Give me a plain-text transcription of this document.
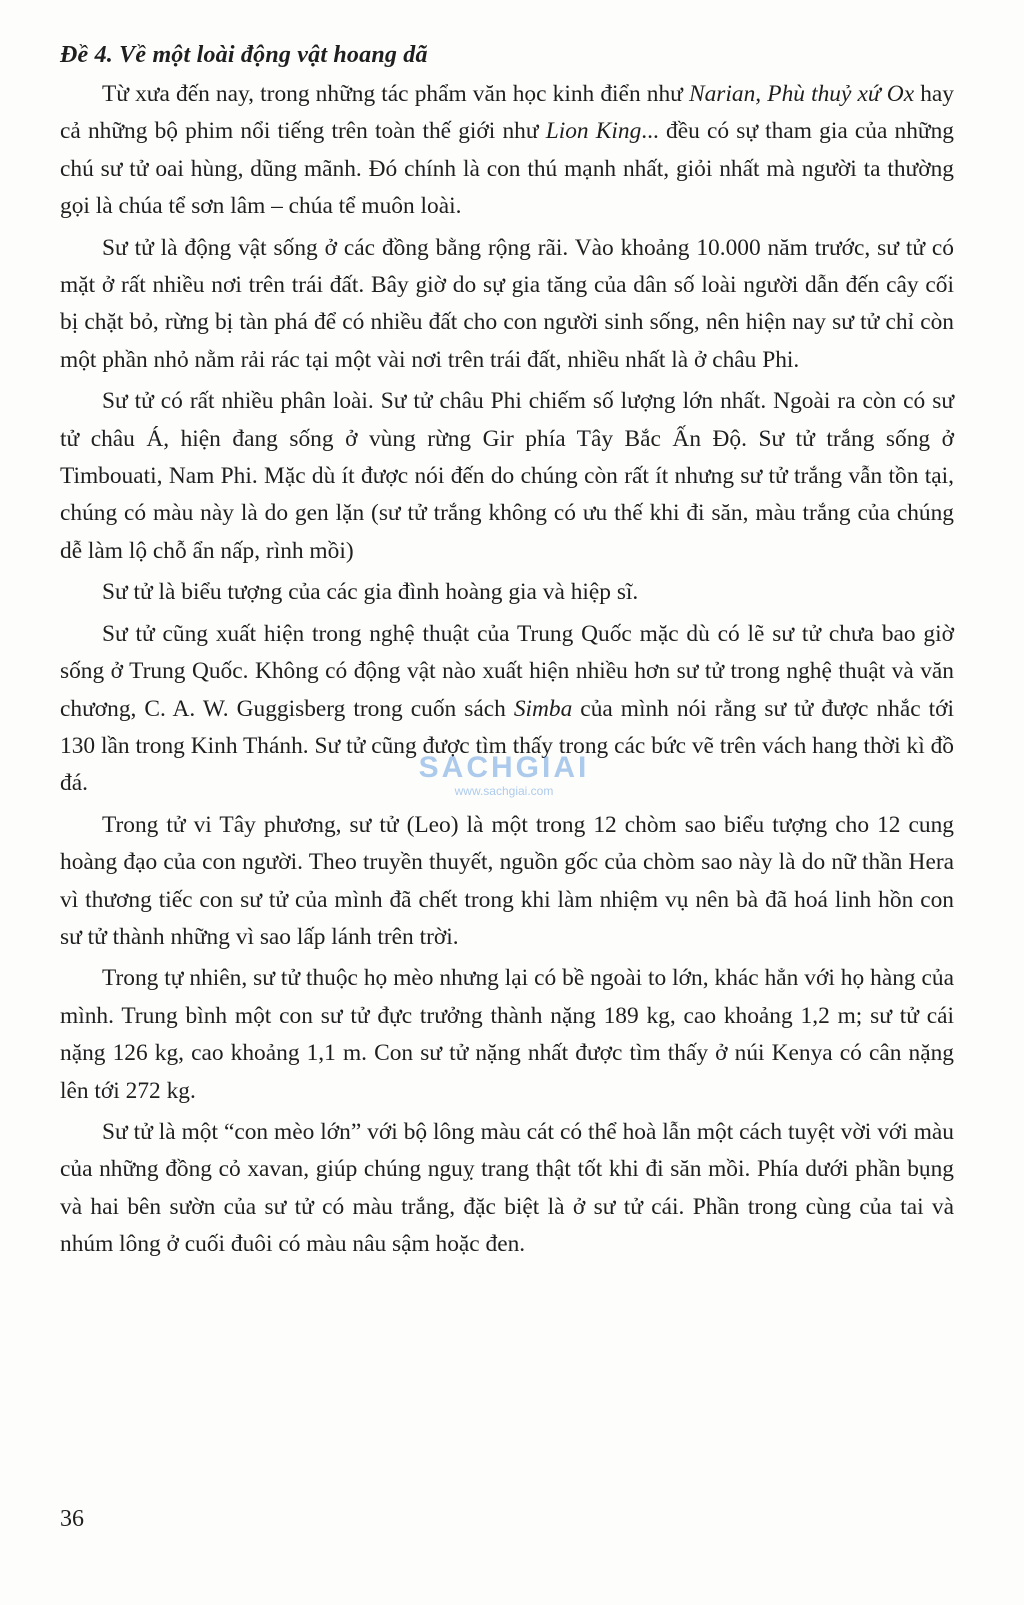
Đề 4. Về một loài động vật hoang dã

Từ xưa đến nay, trong những tác phẩm văn học kinh điển như Narian, Phù thuỷ xứ Ox hay cả những bộ phim nổi tiếng trên toàn thế giới như Lion King... đều có sự tham gia của những chú sư tử oai hùng, dũng mãnh. Đó chính là con thú mạnh nhất, giỏi nhất mà người ta thường gọi là chúa tể sơn lâm – chúa tể muôn loài.

Sư tử là động vật sống ở các đồng bằng rộng rãi. Vào khoảng 10.000 năm trước, sư tử có mặt ở rất nhiều nơi trên trái đất. Bây giờ do sự gia tăng của dân số loài người dẫn đến cây cối bị chặt bỏ, rừng bị tàn phá để có nhiều đất cho con người sinh sống, nên hiện nay sư tử chỉ còn một phần nhỏ nằm rải rác tại một vài nơi trên trái đất, nhiều nhất là ở châu Phi.

Sư tử có rất nhiều phân loài. Sư tử châu Phi chiếm số lượng lớn nhất. Ngoài ra còn có sư tử châu Á, hiện đang sống ở vùng rừng Gir phía Tây Bắc Ấn Độ. Sư tử trắng sống ở Timbouati, Nam Phi. Mặc dù ít được nói đến do chúng còn rất ít nhưng sư tử trắng vẫn tồn tại, chúng có màu này là do gen lặn (sư tử trắng không có ưu thế khi đi săn, màu trắng của chúng dễ làm lộ chỗ ẩn nấp, rình mồi)

Sư tử là biểu tượng của các gia đình hoàng gia và hiệp sĩ.

Sư tử cũng xuất hiện trong nghệ thuật của Trung Quốc mặc dù có lẽ sư tử chưa bao giờ sống ở Trung Quốc. Không có động vật nào xuất hiện nhiều hơn sư tử trong nghệ thuật và văn chương, C. A. W. Guggisberg trong cuốn sách Simba của mình nói rằng sư tử được nhắc tới 130 lần trong Kinh Thánh. Sư tử cũng được tìm thấy trong các bức vẽ trên vách hang thời kì đồ đá.

Trong tử vi Tây phương, sư tử (Leo) là một trong 12 chòm sao biểu tượng cho 12 cung hoàng đạo của con người. Theo truyền thuyết, nguồn gốc của chòm sao này là do nữ thần Hera vì thương tiếc con sư tử của mình đã chết trong khi làm nhiệm vụ nên bà đã hoá linh hồn con sư tử thành những vì sao lấp lánh trên trời.

Trong tự nhiên, sư tử thuộc họ mèo nhưng lại có bề ngoài to lớn, khác hẳn với họ hàng của mình. Trung bình một con sư tử đực trưởng thành nặng 189 kg, cao khoảng 1,2 m; sư tử cái nặng 126 kg, cao khoảng 1,1 m. Con sư tử nặng nhất được tìm thấy ở núi Kenya có cân nặng lên tới 272 kg.

Sư tử là một “con mèo lớn” với bộ lông màu cát có thể hoà lẫn một cách tuyệt vời với màu của những đồng cỏ xavan, giúp chúng nguỵ trang thật tốt khi đi săn mồi. Phía dưới phần bụng và hai bên sườn của sư tử có màu trắng, đặc biệt là ở sư tử cái. Phần trong cùng của tai và nhúm lông ở cuối đuôi có màu nâu sậm hoặc đen.

SACHGIAI
www.sachgiai.com
36
